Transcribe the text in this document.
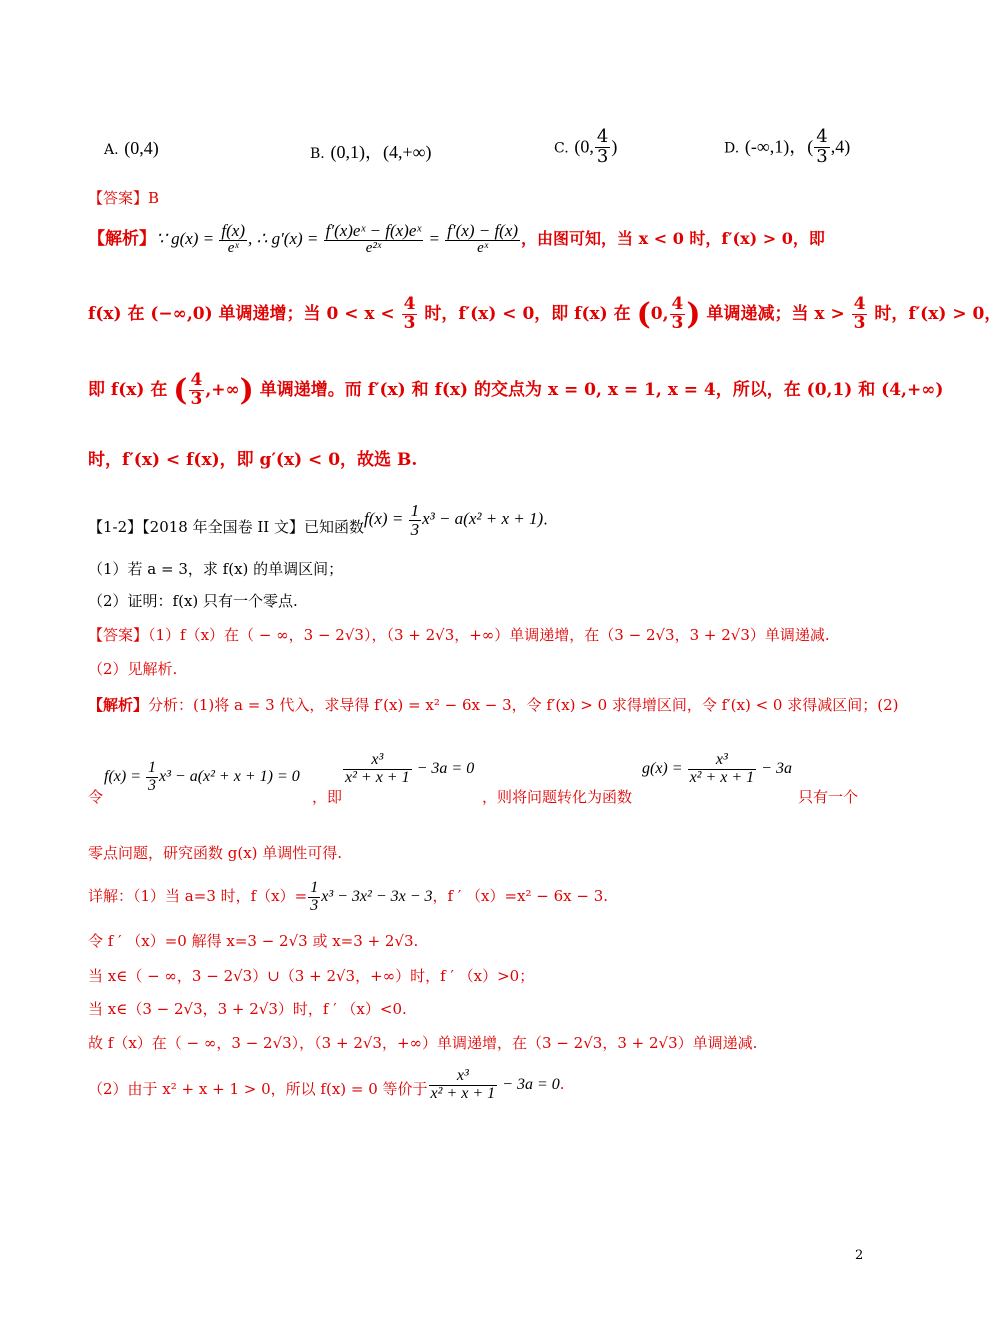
A. (0,4)	B. (0,1)，(4,+∞)	C. (0, $\frac{4}{3}$ )	D. (-∞,1)，( $\frac{4}{3} ,4$)
【答案】B
【解析】∵ $g(x) = \frac{f(x)}{\text{eˣ}}$ , ∴ $g'(x) = \frac{\text{f′(x)eˣ − f(x)eˣ}}{\text{e²ˣ}} = \frac{f'(x) - f(x)}{\text{eˣ}}$ ，由图可知，当 x < 0 时，f′(x) > 0，即
f(x) 在 (−∞,0) 单调递增；当 $0 < x < \frac{4}{3}$ 时，f′(x) < 0，即 f(x) 在 (0, $\frac{4}{3}$ ) 单调递减；当 $x > \frac{4}{3}$ 时，f′(x) > 0，
即 f(x) 在 ( $\frac{4}{3}$ ,+∞) 单调递增。而 f′(x) 和 f(x) 的交点为 x = 0, x = 1, x = 4，所以，在 (0,1) 和 (4,+∞)
时，f′(x) < f(x)，即 g′(x) < 0，故选 B.
【1-2】【2018 年全国卷 II 文】已知函数$f(x) = \frac{1}{3} x^3 - a(x^2 + x + 1)$.
（1）若 a = 3，求 f(x) 的单调区间；
（2）证明：f(x) 只有一个零点.
【答案】（1）f（x）在（ − ∞，3 − 2√3），（3 + 2√3，+∞）单调递增，在（3 − 2√3，3 + 2√3）单调递减.
（2）见解析.
【解析】分析：(1)将 a = 3 代入，求导得 f′(x) = x² − 6x − 3，令 f′(x) > 0 求得增区间，令 f′(x) < 0 求得减区间；(2)
令
$f(x) = \frac{1}{3} x^3 - a(x^2 + x + 1) = 0$
，即
$\frac{\text{x³}}{\text{x² + x + 1}} - 3a = 0$
，则将问题转化为函数
$g(x) = \frac{\text{x³}}{\text{x² + x + 1}} - 3a$
只有一个
零点问题，研究函数 g(x) 单调性可得.
详解：（1）当 a=3 时，$f(x)= \frac{1}{3} x^3 - 3x^2 - 3x - 3$，f ′ （x）=x² − 6x − 3.
令 f ′ （x）=0 解得 x=3 − 2√3 或 x=3 + 2√3.
当 x∈（ − ∞，3 − 2√3）∪（3 + 2√3，+∞）时，f ′ （x）>0；
当 x∈（3 − 2√3，3 + 2√3）时，f ′ （x）<0.
故 f（x）在（ − ∞，3 − 2√3），（3 + 2√3，+∞）单调递增，在（3 − 2√3，3 + 2√3）单调递减.
（2）由于 x² + x + 1 > 0，所以 f(x) = 0 等价于 $\frac{\text{x³}}{\text{x² + x + 1}} - 3a = 0$.
2
